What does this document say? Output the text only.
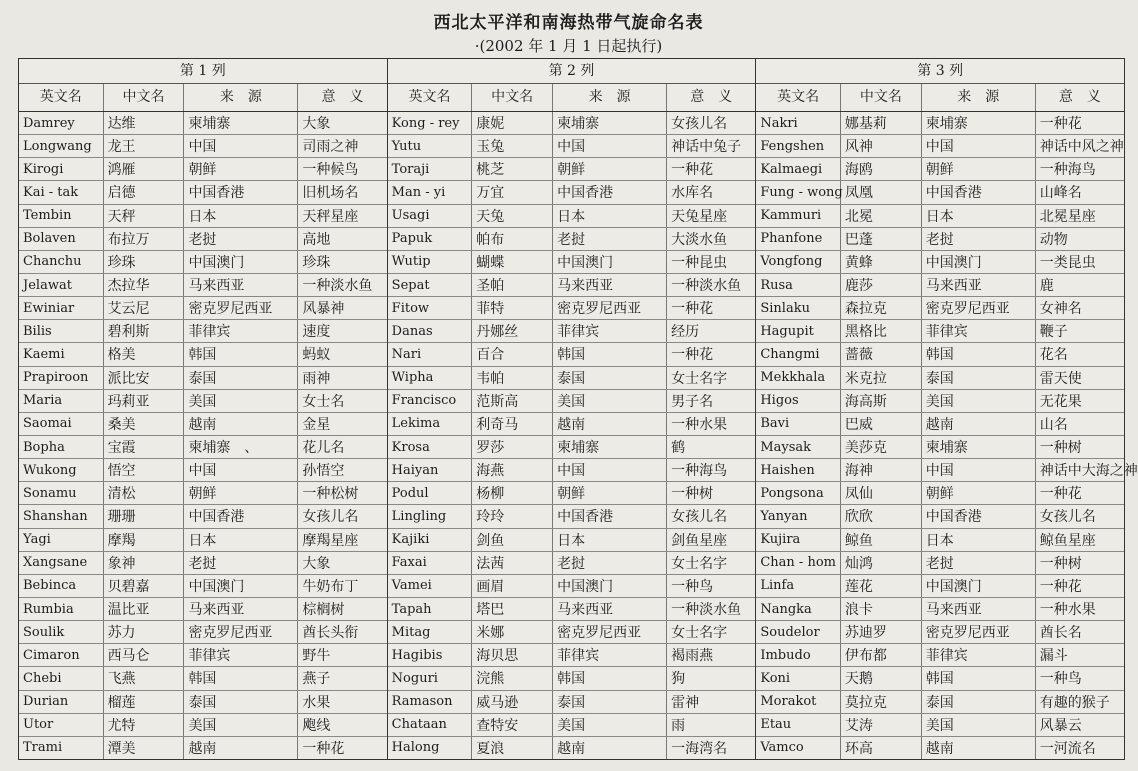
西北太平洋和南海热带气旋命名表
·(2002 年 1 月 1 日起执行)
第 1 列
英文名	中文名	来　源	意　义
Damrey	达维	柬埔寨	大象
Longwang	龙王	中国	司雨之神
Kirogi	鸿雁	朝鲜	一种候鸟
Kai - tak	启德	中国香港	旧机场名
Tembin	天秤	日本	天秤星座
Bolaven	布拉万	老挝	高地
Chanchu	珍珠	中国澳门	珍珠
Jelawat	杰拉华	马来西亚	一种淡水鱼
Ewiniar	艾云尼	密克罗尼西亚	风暴神
Bilis	碧利斯	菲律宾	速度
Kaemi	格美	韩国	蚂蚁
Prapiroon	派比安	泰国	雨神
Maria	玛莉亚	美国	女士名
Saomai	桑美	越南	金星
Bopha	宝霞	柬埔寨　、	花儿名
Wukong	悟空	中国	孙悟空
Sonamu	清松	朝鲜	一种松树
Shanshan	珊珊	中国香港	女孩儿名
Yagi	摩羯	日本	摩羯星座
Xangsane	象神	老挝	大象
Bebinca	贝碧嘉	中国澳门	牛奶布丁
Rumbia	温比亚	马来西亚	棕榈树
Soulik	苏力	密克罗尼西亚	酋长头衔
Cimaron	西马仑	菲律宾	野牛
Chebi	飞燕	韩国	燕子
Durian	榴莲	泰国	水果
Utor	尤特	美国	飑线
Trami	潭美	越南	一种花
第 2 列
英文名	中文名	来　源	意　义
Kong - rey	康妮	柬埔寨	女孩儿名
Yutu	玉兔	中国	神话中兔子
Toraji	桃芝	朝鲜	一种花
Man - yi	万宜	中国香港	水库名
Usagi	天兔	日本	天兔星座
Papuk	帕布	老挝	大淡水鱼
Wutip	蝴蝶	中国澳门	一种昆虫
Sepat	圣帕	马来西亚	一种淡水鱼
Fitow	菲特	密克罗尼西亚	一种花
Danas	丹娜丝	菲律宾	经历
Nari	百合	韩国	一种花
Wipha	韦帕	泰国	女士名字
Francisco	范斯高	美国	男子名
Lekima	利奇马	越南	一种水果
Krosa	罗莎	柬埔寨	鹤
Haiyan	海燕	中国	一种海鸟
Podul	杨柳	朝鲜	一种树
Lingling	玲玲	中国香港	女孩儿名
Kajiki	剑鱼	日本	剑鱼星座
Faxai	法茜	老挝	女士名字
Vamei	画眉	中国澳门	一种鸟
Tapah	塔巴	马来西亚	一种淡水鱼
Mitag	米娜	密克罗尼西亚	女士名字
Hagibis	海贝思	菲律宾	褐雨燕
Noguri	浣熊	韩国	狗
Ramason	威马逊	泰国	雷神
Chataan	查特安	美国	雨
Halong	夏浪	越南	一海湾名
第 3 列
英文名	中文名	来　源	意　义
Nakri	娜基莉	柬埔寨	一种花
Fengshen	风神	中国	神话中风之神
Kalmaegi	海鸥	朝鲜	一种海鸟
Fung - wong 凤凰	中国香港	山峰名
Kammuri	北冕	日本	北冕星座
Phanfone	巴蓬	老挝	动物
Vongfong	黄蜂	中国澳门	一类昆虫
Rusa	鹿莎	马来西亚	鹿
Sinlaku	森拉克	密克罗尼西亚	女神名
Hagupit	黑格比	菲律宾	鞭子
Changmi	蔷薇	韩国	花名
Mekkhala	米克拉	泰国	雷天使
Higos	海高斯	美国	无花果
Bavi	巴威	越南	山名
Maysak	美莎克	柬埔寨	一种树
Haishen	海神	中国	神话中大海之神
Pongsona	凤仙	朝鲜	一种花
Yanyan	欣欣	中国香港	女孩儿名
Kujira	鲸鱼	日本	鲸鱼星座
Chan - hom 灿鸿	老挝	一种树
Linfa	莲花	中国澳门	一种花
Nangka	浪卡	马来西亚	一种水果
Soudelor	苏迪罗	密克罗尼西亚	酋长名
Imbudo	伊布都	菲律宾	漏斗
Koni	天鹅	韩国	一种鸟
Morakot	莫拉克	泰国	有趣的猴子
Etau	艾涛	美国	风暴云
Vamco	环高	越南	一河流名
